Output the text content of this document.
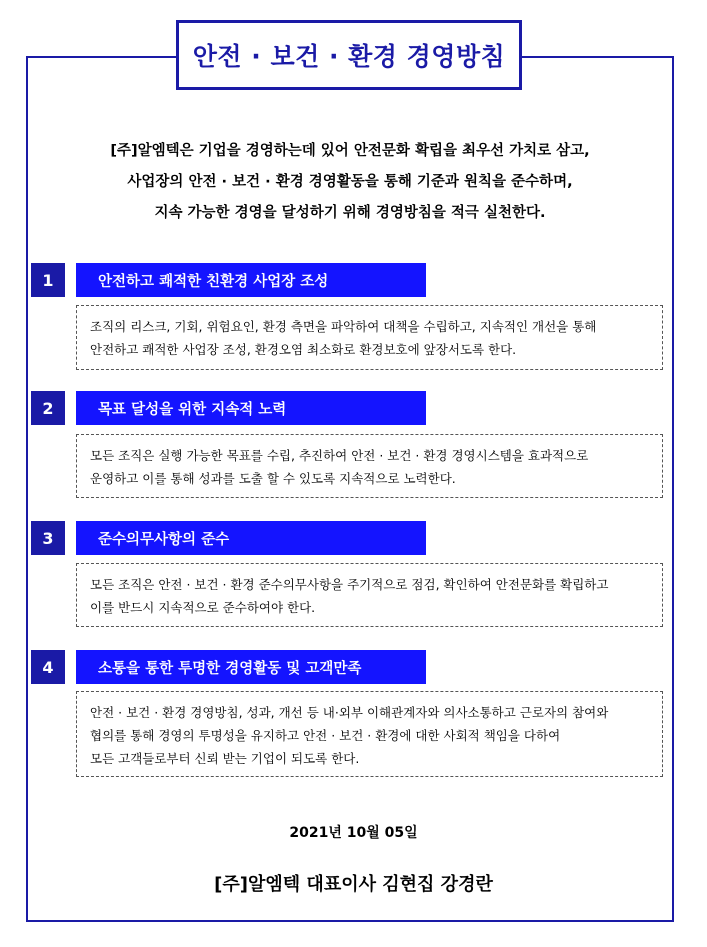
안전 · 보건 · 환경 경영방침
[주]알엠텍은 기업을 경영하는데 있어 안전문화 확립을 최우선 가치로 삼고,
사업장의 안전 · 보건 · 환경 경영활동을 통해 기준과 원칙을 준수하며,
지속 가능한 경영을 달성하기 위해 경영방침을 적극 실천한다.
1	안전하고 쾌적한 친환경 사업장 조성
조직의 리스크, 기회, 위험요인, 환경 측면을 파악하여 대책을 수립하고, 지속적인 개선을 통해
안전하고 쾌적한 사업장 조성, 환경오염 최소화로 환경보호에 앞장서도록 한다.
2	목표 달성을 위한 지속적 노력
모든 조직은 실행 가능한 목표를 수립, 추진하여 안전 · 보건 · 환경 경영시스템을 효과적으로
운영하고 이를 통해 성과를 도출 할 수 있도록 지속적으로 노력한다.
3	준수의무사항의 준수
모든 조직은 안전 · 보건 · 환경 준수의무사항을 주기적으로 점검, 확인하여 안전문화를 확립하고
이를 반드시 지속적으로 준수하여야 한다.
4	소통을 통한 투명한 경영활동 및 고객만족
안전 · 보건 · 환경 경영방침, 성과, 개선 등 내·외부 이해관계자와 의사소통하고 근로자의 참여와
협의를 통해 경영의 투명성을 유지하고 안전 · 보건 · 환경에 대한 사회적 책임을 다하여
모든 고객들로부터 신뢰 받는 기업이 되도록 한다.
2021년 10월 05일
[주]알엠텍 대표이사 김현집 강경란
